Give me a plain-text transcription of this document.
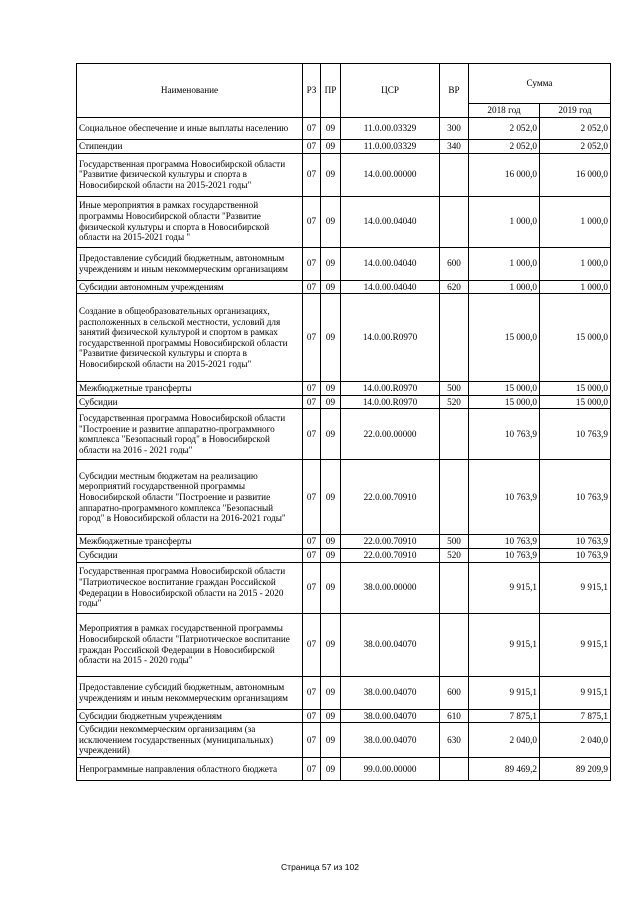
Наименование	РЗ	ПР	ЦСР	ВР	Сумма	
					2018 год	2019 год
Социальное обеспечение и иные выплаты населению	07	09	11.0.00.03329	300	2 052,0	2 052,0
Стипендии	07	09	11.0.00.03329	340	2 052,0	2 052,0
Государственная программа Новосибирской области "Развитие физической культуры и спорта в Новосибирской области на 2015-2021 годы"	07	09	14.0.00.00000		16 000,0	16 000,0
Иные мероприятия в рамках государственной программы Новосибирской области "Развитие физической культуры и спорта в Новосибирской области на 2015-2021 годы "	07	09	14.0.00.04040		1 000,0	1 000,0
Предоставление субсидий бюджетным, автономным учреждениям и иным некоммерческим организациям	07	09	14.0.00.04040	600	1 000,0	1 000,0
Субсидии автономным учреждениям	07	09	14.0.00.04040	620	1 000,0	1 000,0
Создание в общеобразовательных организациях, расположенных в сельской местности, условий для занятий физической культурой и спортом в рамках государственной программы Новосибирской области "Развитие физической культуры и спорта в Новосибирской области на 2015-2021 годы"	07	09	14.0.00.R0970		15 000,0	15 000,0
Межбюджетные трансферты	07	09	14.0.00.R0970	500	15 000,0	15 000,0
Субсидии	07	09	14.0.00.R0970	520	15 000,0	15 000,0
Государственная программа Новосибирской области "Построение и развитие аппаратно-программного комплекса "Безопасный город" в Новосибирской области на 2016 - 2021 годы"	07	09	22.0.00.00000		10 763,9	10 763,9
Субсидии местным бюджетам на реализацию мероприятий государственной программы Новосибирской области "Построение и развитие аппаратно-программного комплекса "Безопасный город" в Новосибирской области на 2016-2021 годы"	07	09	22.0.00.70910		10 763,9	10 763,9
Межбюджетные трансферты	07	09	22.0.00.70910	500	10 763,9	10 763,9
Субсидии	07	09	22.0.00.70910	520	10 763,9	10 763,9
Государственная программа Новосибирской области "Патриотическое воспитание граждан Российской Федерации в Новосибирской области на 2015 - 2020 годы"	07	09	38.0.00.00000		9 915,1	9 915,1
Мероприятия в рамках государственной программы Новосибирской области "Патриотическое воспитание граждан Российской Федерации в Новосибирской области на 2015 - 2020 годы"	07	09	38.0.00.04070		9 915,1	9 915,1
Предоставление субсидий бюджетным, автономным учреждениям и иным некоммерческим организациям	07	09	38.0.00.04070	600	9 915,1	9 915,1
Субсидии бюджетным учреждениям	07	09	38.0.00.04070	610	7 875,1	7 875,1
Субсидии некоммерческим организациям (за исключением государственных (муниципальных) учреждений)	07	09	38.0.00.04070	630	2 040,0	2 040,0
Непрограммные направления областного бюджета	07	09	99.0.00.00000		89 469,2	89 209,9
Страница 57 из 102
